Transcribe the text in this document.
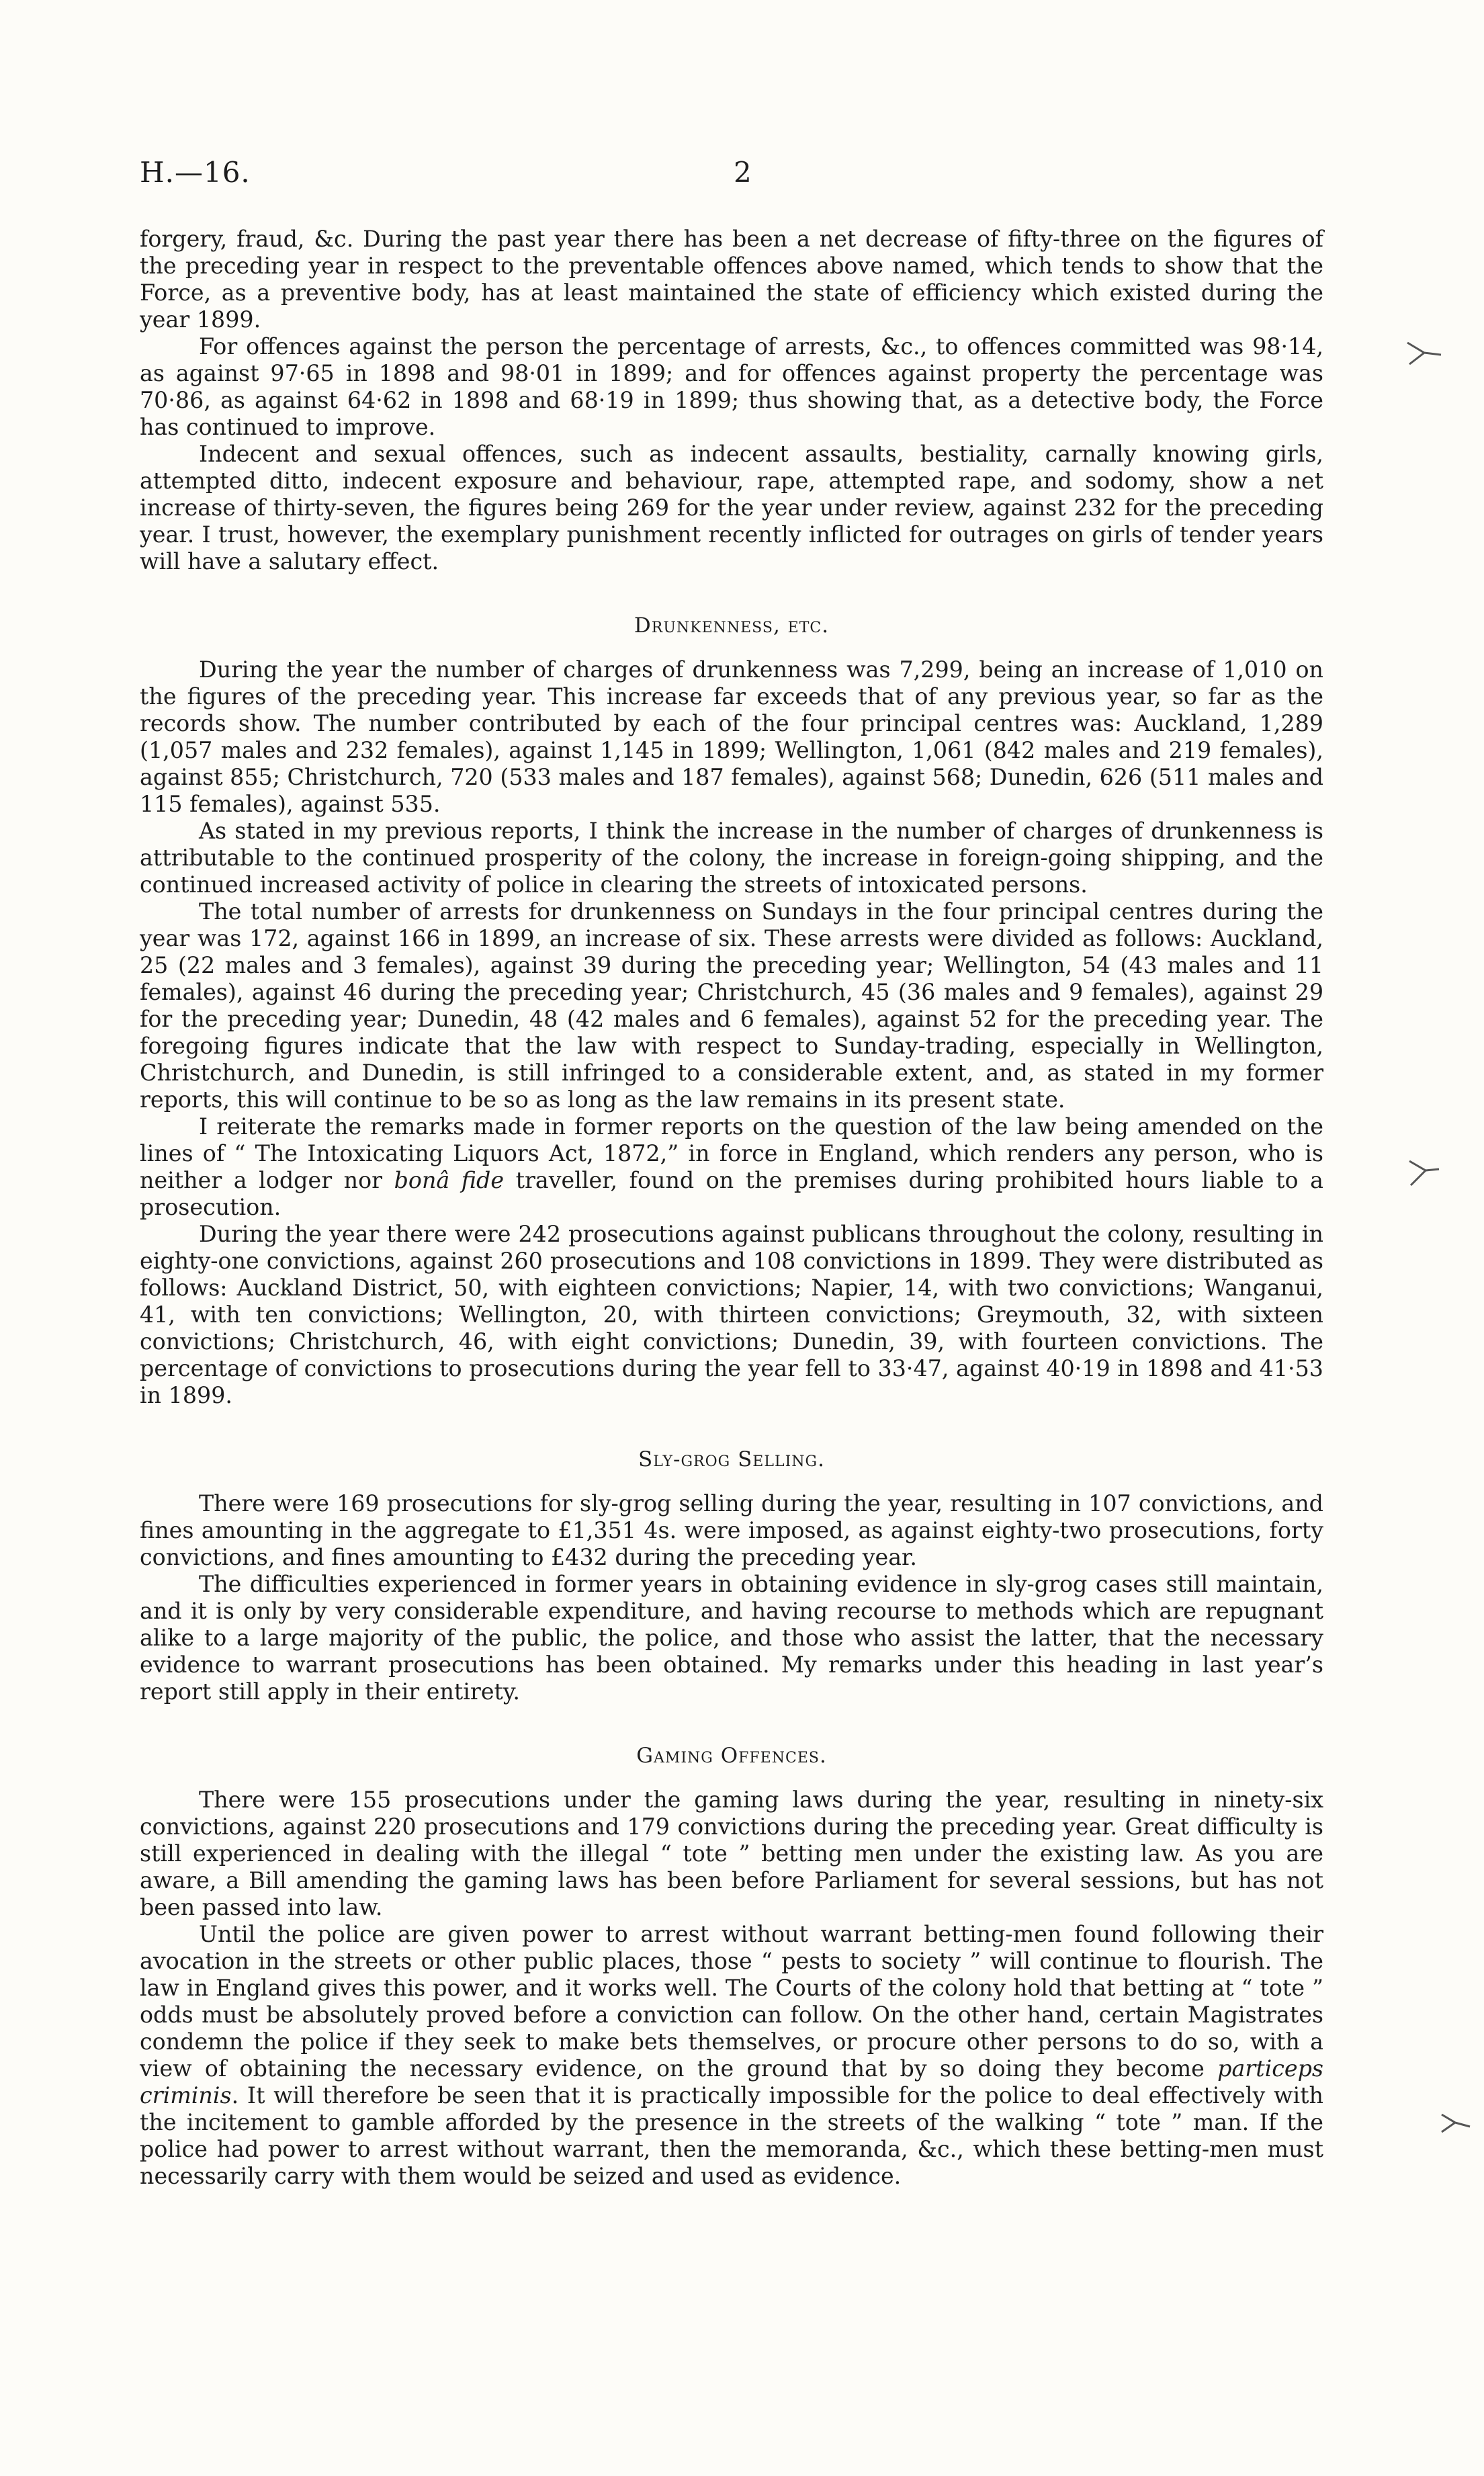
H.—16.	2

forgery, fraud, &c. During the past year there has been a net decrease of fifty-three on the figures of the preceding year in respect to the preventable offences above named, which tends to show that the Force, as a preventive body, has at least maintained the state of efficiency which existed during the year 1899.

For offences against the person the percentage of arrests, &c., to offences committed was 98·14, as against 97·65 in 1898 and 98·01 in 1899; and for offences against property the percentage was 70·86, as against 64·62 in 1898 and 68·19 in 1899; thus showing that, as a detective body, the Force has continued to improve.

Indecent and sexual offences, such as indecent assaults, bestiality, carnally knowing girls, attempted ditto, indecent exposure and behaviour, rape, attempted rape, and sodomy, show a net increase of thirty-seven, the figures being 269 for the year under review, against 232 for the preceding year. I trust, however, the exemplary punishment recently inflicted for outrages on girls of tender years will have a salutary effect.

Drunkenness, etc.

During the year the number of charges of drunkenness was 7,299, being an increase of 1,010 on the figures of the preceding year. This increase far exceeds that of any previous year, so far as the records show. The number contributed by each of the four principal centres was: Auckland, 1,289 (1,057 males and 232 females), against 1,145 in 1899; Wellington, 1,061 (842 males and 219 females), against 855; Christchurch, 720 (533 males and 187 females), against 568; Dunedin, 626 (511 males and 115 females), against 535.

As stated in my previous reports, I think the increase in the number of charges of drunkenness is attributable to the continued prosperity of the colony, the increase in foreign-going shipping, and the continued increased activity of police in clearing the streets of intoxicated persons.

The total number of arrests for drunkenness on Sundays in the four principal centres during the year was 172, against 166 in 1899, an increase of six. These arrests were divided as follows: Auckland, 25 (22 males and 3 females), against 39 during the preceding year; Wellington, 54 (43 males and 11 females), against 46 during the preceding year; Christchurch, 45 (36 males and 9 females), against 29 for the preceding year; Dunedin, 48 (42 males and 6 females), against 52 for the preceding year. The foregoing figures indicate that the law with respect to Sunday-trading, especially in Wellington, Christchurch, and Dunedin, is still infringed to a considerable extent, and, as stated in my former reports, this will continue to be so as long as the law remains in its present state.

I reiterate the remarks made in former reports on the question of the law being amended on the lines of “ The Intoxicating Liquors Act, 1872,” in force in England, which renders any person, who is neither a lodger nor bonâ fide traveller, found on the premises during prohibited hours liable to a prosecution.

During the year there were 242 prosecutions against publicans throughout the colony, resulting in eighty-one convictions, against 260 prosecutions and 108 convictions in 1899. They were distributed as follows: Auckland District, 50, with eighteen convictions; Napier, 14, with two convictions; Wanganui, 41, with ten convictions; Wellington, 20, with thirteen convictions; Greymouth, 32, with sixteen convictions; Christchurch, 46, with eight convictions; Dunedin, 39, with fourteen convictions. The percentage of convictions to prosecutions during the year fell to 33·47, against 40·19 in 1898 and 41·53 in 1899.

Sly-grog Selling.

There were 169 prosecutions for sly-grog selling during the year, resulting in 107 convictions, and fines amounting in the aggregate to £1,351 4s. were imposed, as against eighty-two prosecutions, forty convictions, and fines amounting to £432 during the preceding year.

The difficulties experienced in former years in obtaining evidence in sly-grog cases still maintain, and it is only by very considerable expenditure, and having recourse to methods which are repugnant alike to a large majority of the public, the police, and those who assist the latter, that the necessary evidence to warrant prosecutions has been obtained. My remarks under this heading in last year’s report still apply in their entirety.

Gaming Offences.

There were 155 prosecutions under the gaming laws during the year, resulting in ninety-six convictions, against 220 prosecutions and 179 convictions during the preceding year. Great difficulty is still experienced in dealing with the illegal “ tote ” betting men under the existing law. As you are aware, a Bill amending the gaming laws has been before Parliament for several sessions, but has not been passed into law.

Until the police are given power to arrest without warrant betting-men found following their avocation in the streets or other public places, those “ pests to society ” will continue to flourish. The law in England gives this power, and it works well. The Courts of the colony hold that betting at “ tote ” odds must be absolutely proved before a conviction can follow. On the other hand, certain Magistrates condemn the police if they seek to make bets themselves, or procure other persons to do so, with a view of obtaining the necessary evidence, on the ground that by so doing they become particeps criminis. It will therefore be seen that it is practically impossible for the police to deal effectively with the incitement to gamble afforded by the presence in the streets of the walking “ tote ” man. If the police had power to arrest without warrant, then the memoranda, &c., which these betting-men must necessarily carry with them would be seized and used as evidence.
